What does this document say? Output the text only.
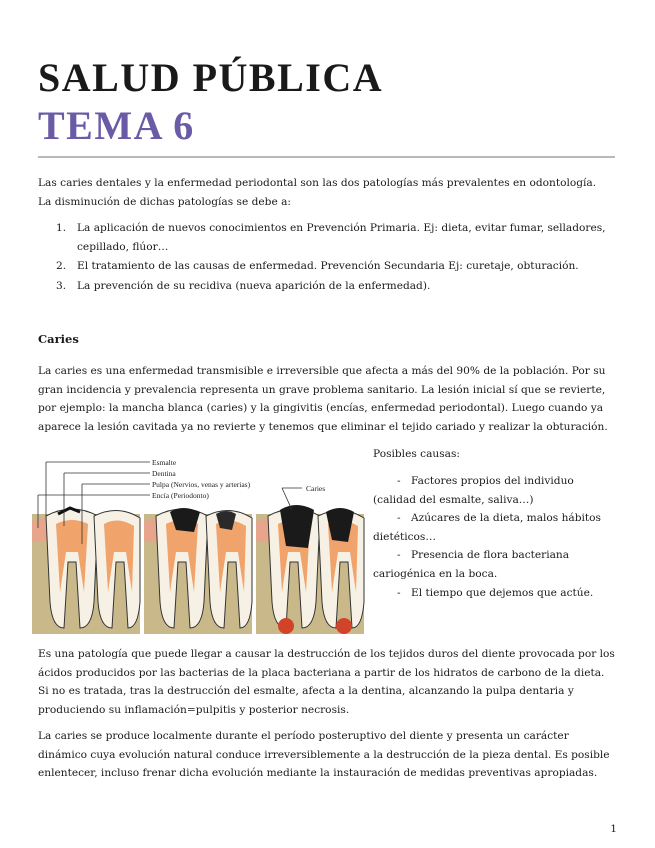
SALUD PÚBLICA
TEMA 6

Las caries dentales y la enfermedad periodontal son las dos patologías más prevalentes en odontología.

La disminución de dichas patologías se debe a:

1. La aplicación de nuevos conocimientos en Prevención Primaria. Ej: dieta, evitar fumar, selladores, cepillado, flúor…
2. El tratamiento de las causas de enfermedad. Prevención Secundaria Ej: curetaje, obturación.
3. La prevención de su recidiva (nueva aparición de la enfermedad).
Caries

La caries es una enfermedad transmisible e irreversible que afecta a más del 90% de la población. Por su gran incidencia y prevalencia representa un grave problema sanitario. La lesión inicial sí que se revierte, por ejemplo: la mancha blanca (caries) y la gingivitis (encías, enfermedad periodontal). Luego cuando ya aparece la lesión cavitada ya no revierte y tenemos que eliminar el tejido cariado y realizar la obturación.

Esmalte
Dentina
Pulpa (Nervios, venas y arterias)
Encía (Periodonto)
Caries

Posibles causas:

- Factores propios del individuo (calidad del esmalte, saliva…)
- Azúcares de la dieta, malos hábitos dietéticos…
- Presencia de flora bacteriana cariogénica en la boca.
- El tiempo que dejemos que actúe.

Es una patología que puede llegar a causar la destrucción de los tejidos duros del diente provocada por los ácidos producidos por las bacterias de la placa bacteriana a partir de los hidratos de carbono de la dieta. Si no es tratada, tras la destrucción del esmalte, afecta a la dentina, alcanzando la pulpa dentaria y produciendo su inflamación=pulpitis y posterior necrosis.

La caries se produce localmente durante el período posteruptivo del diente y presenta un carácter dinámico cuya evolución natural conduce irreversiblemente a la destrucción de la pieza dental. Es posible enlentecer, incluso frenar dicha evolución mediante la instauración de medidas preventivas apropiadas.

1
